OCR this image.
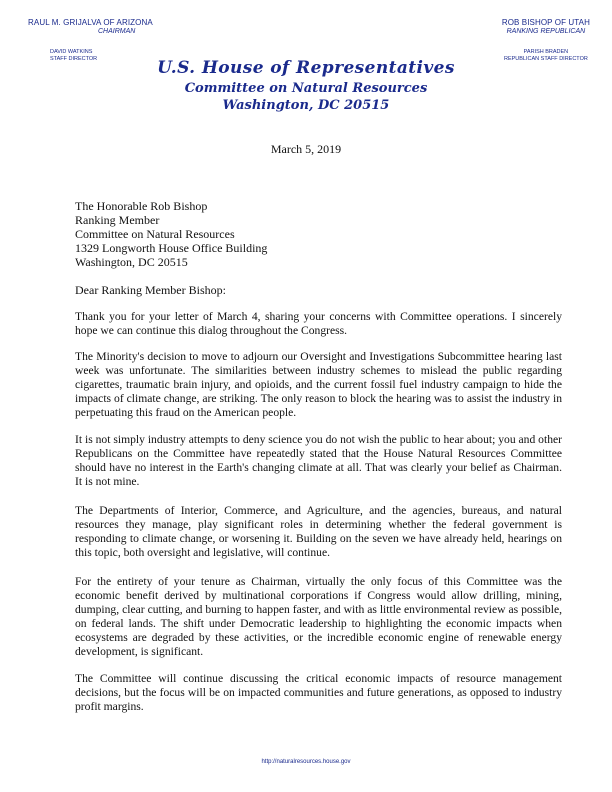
RAUL M. GRIJALVA OF ARIZONA
CHAIRMAN
DAVID WATKINS
STAFF DIRECTOR
ROB BISHOP OF UTAH
RANKING REPUBLICAN
PARISH BRADEN
REPUBLICAN STAFF DIRECTOR
U.S. House of Representatives
Committee on Natural Resources
Washington, DC 20515
March 5, 2019
The Honorable Rob Bishop
Ranking Member
Committee on Natural Resources
1329 Longworth House Office Building
Washington, DC 20515
Dear Ranking Member Bishop:

Thank you for your letter of March 4, sharing your concerns with Committee operations. I sincerely hope we can continue this dialog throughout the Congress.

The Minority's decision to move to adjourn our Oversight and Investigations Subcommittee hearing last week was unfortunate. The similarities between industry schemes to mislead the public regarding cigarettes, traumatic brain injury, and opioids, and the current fossil fuel industry campaign to hide the impacts of climate change, are striking. The only reason to block the hearing was to assist the industry in perpetuating this fraud on the American people.

It is not simply industry attempts to deny science you do not wish the public to hear about; you and other Republicans on the Committee have repeatedly stated that the House Natural Resources Committee should have no interest in the Earth's changing climate at all. That was clearly your belief as Chairman. It is not mine.

The Departments of Interior, Commerce, and Agriculture, and the agencies, bureaus, and natural resources they manage, play significant roles in determining whether the federal government is responding to climate change, or worsening it. Building on the seven we have already held, hearings on this topic, both oversight and legislative, will continue.

For the entirety of your tenure as Chairman, virtually the only focus of this Committee was the economic benefit derived by multinational corporations if Congress would allow drilling, mining, dumping, clear cutting, and burning to happen faster, and with as little environmental review as possible, on federal lands. The shift under Democratic leadership to highlighting the economic impacts when ecosystems are degraded by these activities, or the incredible economic engine of renewable energy development, is significant.

The Committee will continue discussing the critical economic impacts of resource management decisions, but the focus will be on impacted communities and future generations, as opposed to industry profit margins.

http://naturalresources.house.gov
